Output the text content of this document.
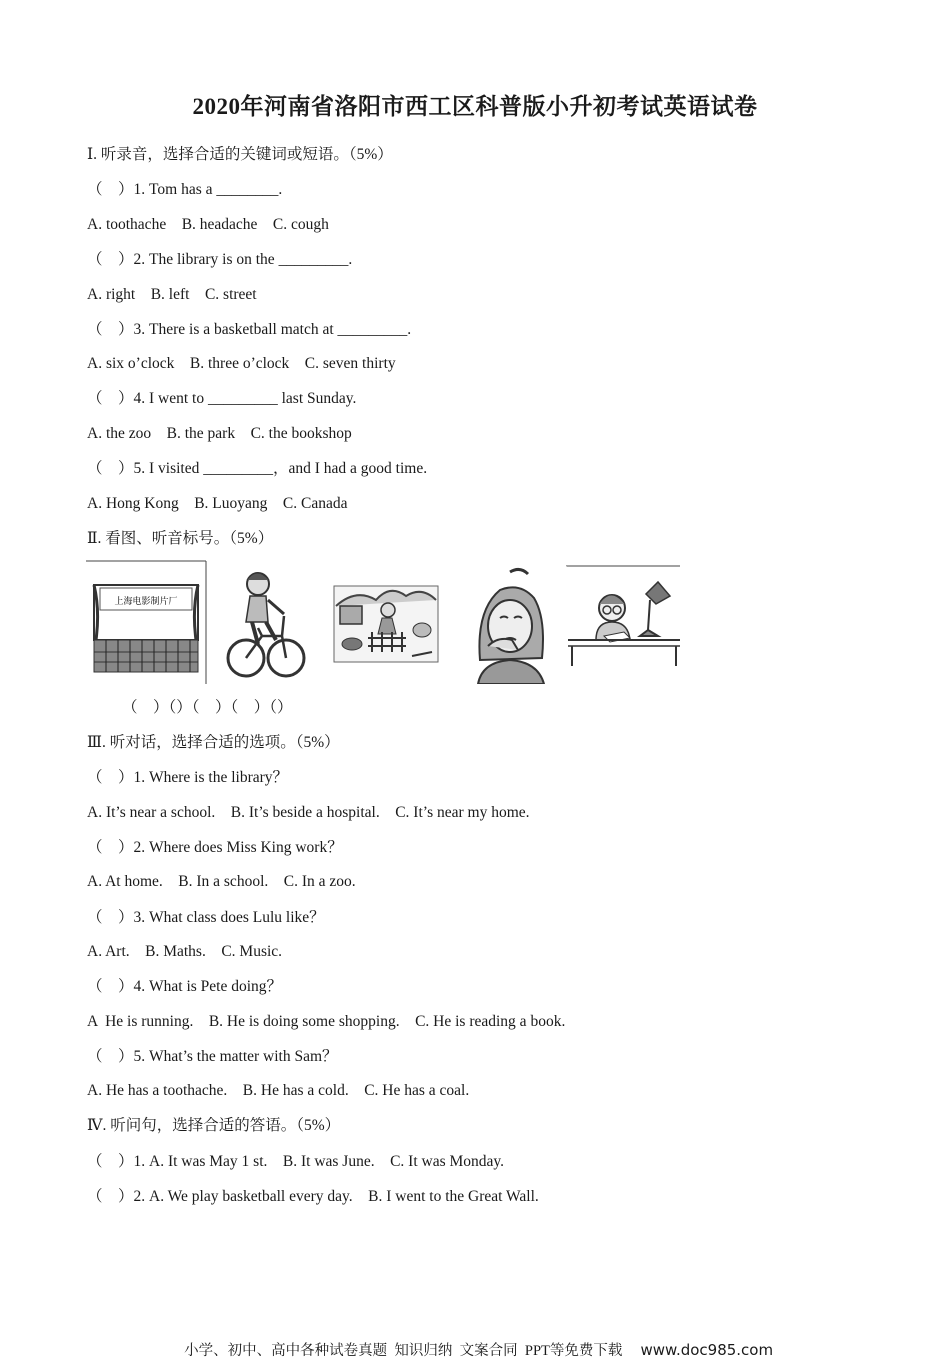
2020年河南省洛阳市西工区科普版小升初考试英语试卷
Ⅰ. 听录音，选择合适的关键词或短语。（5%）
（　）1. Tom has a ________.
A. toothache    B. headache    C. cough
（　）2. The library is on the _________.
A. right    B. left    C. street
（　）3. There is a basketball match at _________.
A. six o’clock    B. three o’clock    C. seven thirty
（　）4. I went to _________ last Sunday.
A. the zoo    B. the park    C. the bookshop
（　）5. I visited _________，and I had a good time.
A. Hong Kong    B. Luoyang    C. Canada
Ⅱ. 看图、听音标号。（5%）
上海电影制片厂
（　）（）（　）（　）（）
Ⅲ. 听对话，选择合适的选项。（5%）
（　）1. Where is the library？
A. It’s near a school.    B. It’s beside a hospital.    C. It’s near my home.
（　）2. Where does Miss King work？
A. At home.    B. In a school.    C. In a zoo.
（　）3. What class does Lulu like？
A. Art.    B. Maths.    C. Music.
（　）4. What is Pete doing？
A  He is running.    B. He is doing some shopping.    C. He is reading a book.
（　）5. What’s the matter with Sam？
A. He has a toothache.    B. He has a cold.    C. He has a coal.
Ⅳ. 听问句，选择合适的答语。（5%）
（　）1. A. It was May 1 st.    B. It was June.    C. It was Monday.
（　）2. A. We play basketball every day.    B. I went to the Great Wall.

小学、初中、高中各种试卷真题  知识归纳  文案合同  PPT等免费下载 www.doc985.com
